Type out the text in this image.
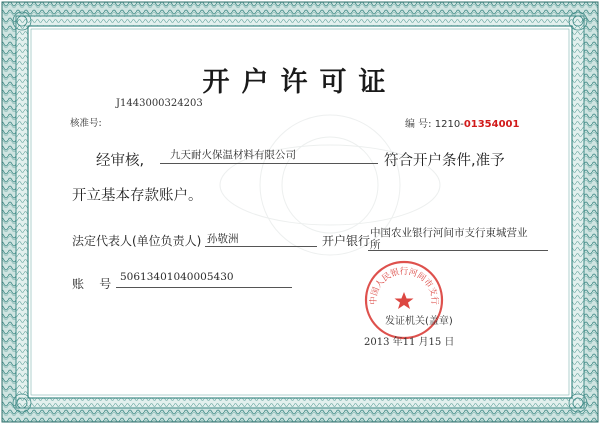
开户许可证
核准号:
J1443000324203
编 号: 1210-01354001
经审核, 九天耐火保温材料有限公司	符合开户条件,准予
开立基本存款账户。
法定代表人(单位负责人) 孙敬洲	开户银行
中国农业银行河间市支行東城营业
所
账    号 50613401040005430
中国人民银行河间市支行
发证机关(盖章)
2013 年11 月15 日
